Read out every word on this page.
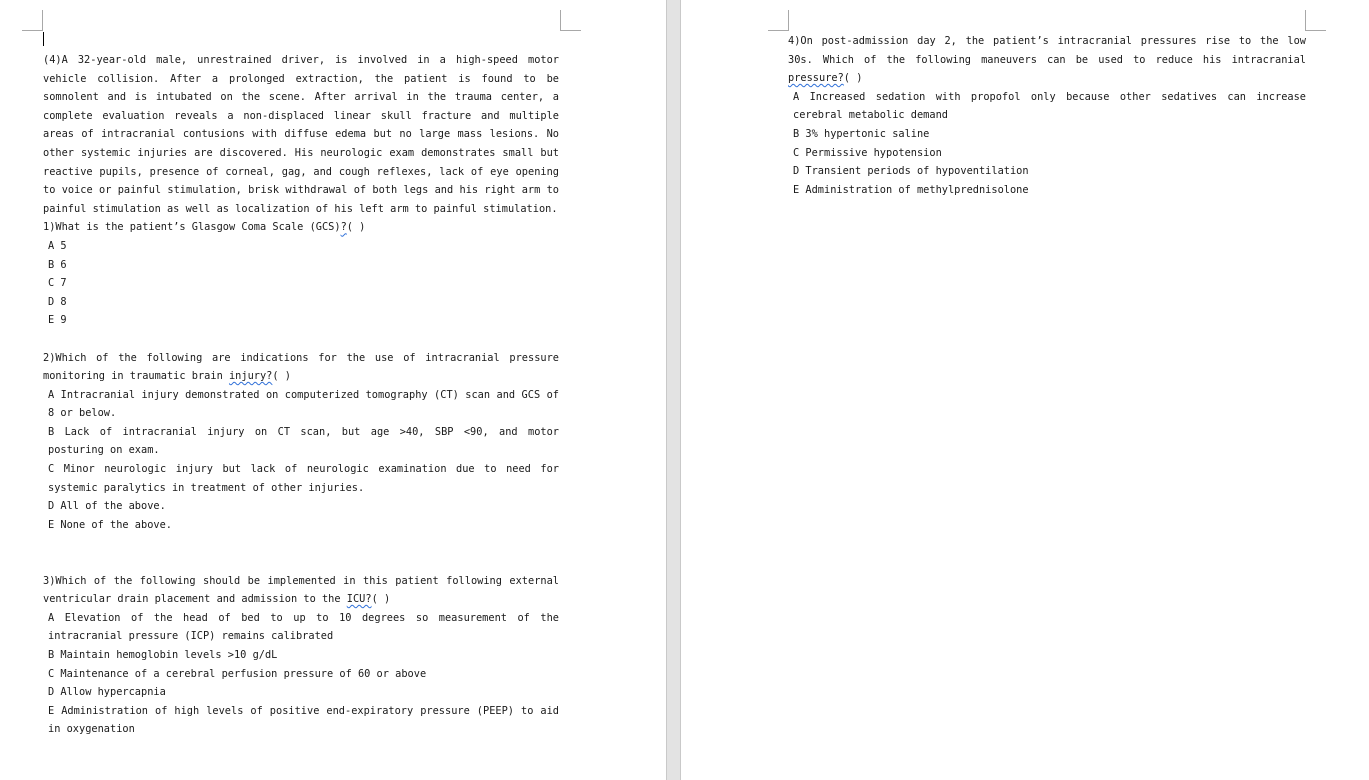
(4)A 32-year-old male, unrestrained driver, is involved in a high-speed motor vehicle collision. After a prolonged extraction, the patient is found to be somnolent and is intubated on the scene. After arrival in the trauma center, a complete evaluation reveals a non-displaced linear skull fracture and multiple areas of intracranial contusions with diffuse edema but no large mass lesions. No other systemic injuries are discovered. His neurologic exam demonstrates small but reactive pupils, presence of corneal, gag, and cough reflexes, lack of eye opening to voice or painful stimulation, brisk withdrawal of both legs and his right arm to painful stimulation as well as localization of his left arm to painful stimulation.

1)What is the patient’s Glasgow Coma Scale (GCS)?( )

A 5

B 6

C 7

D 8

E 9

2)Which of the following are indications for the use of intracranial pressure monitoring in traumatic brain injury?( )

A Intracranial injury demonstrated on computerized tomography (CT) scan and GCS of 8 or below.

B Lack of intracranial injury on CT scan, but age >40, SBP <90, and motor posturing on exam.

C Minor neurologic injury but lack of neurologic examination due to need for systemic paralytics in treatment of other injuries.

D All of the above.

E None of the above.

3)Which of the following should be implemented in this patient following external ventricular drain placement and admission to the ICU?( )

A Elevation of the head of bed to up to 10 degrees so measurement of the intracranial pressure (ICP) remains calibrated

B Maintain hemoglobin levels >10 g/dL

C Maintenance of a cerebral perfusion pressure of 60 or above

D Allow hypercapnia

E Administration of high levels of positive end-expiratory pressure (PEEP) to aid in oxygenation

4)On post-admission day 2, the patient’s intracranial pressures rise to the low 30s. Which of the following maneuvers can be used to reduce his intracranial pressure?( )

A Increased sedation with propofol only because other sedatives can increase cerebral metabolic demand

B 3% hypertonic saline

C Permissive hypotension

D Transient periods of hypoventilation

E Administration of methylprednisolone
